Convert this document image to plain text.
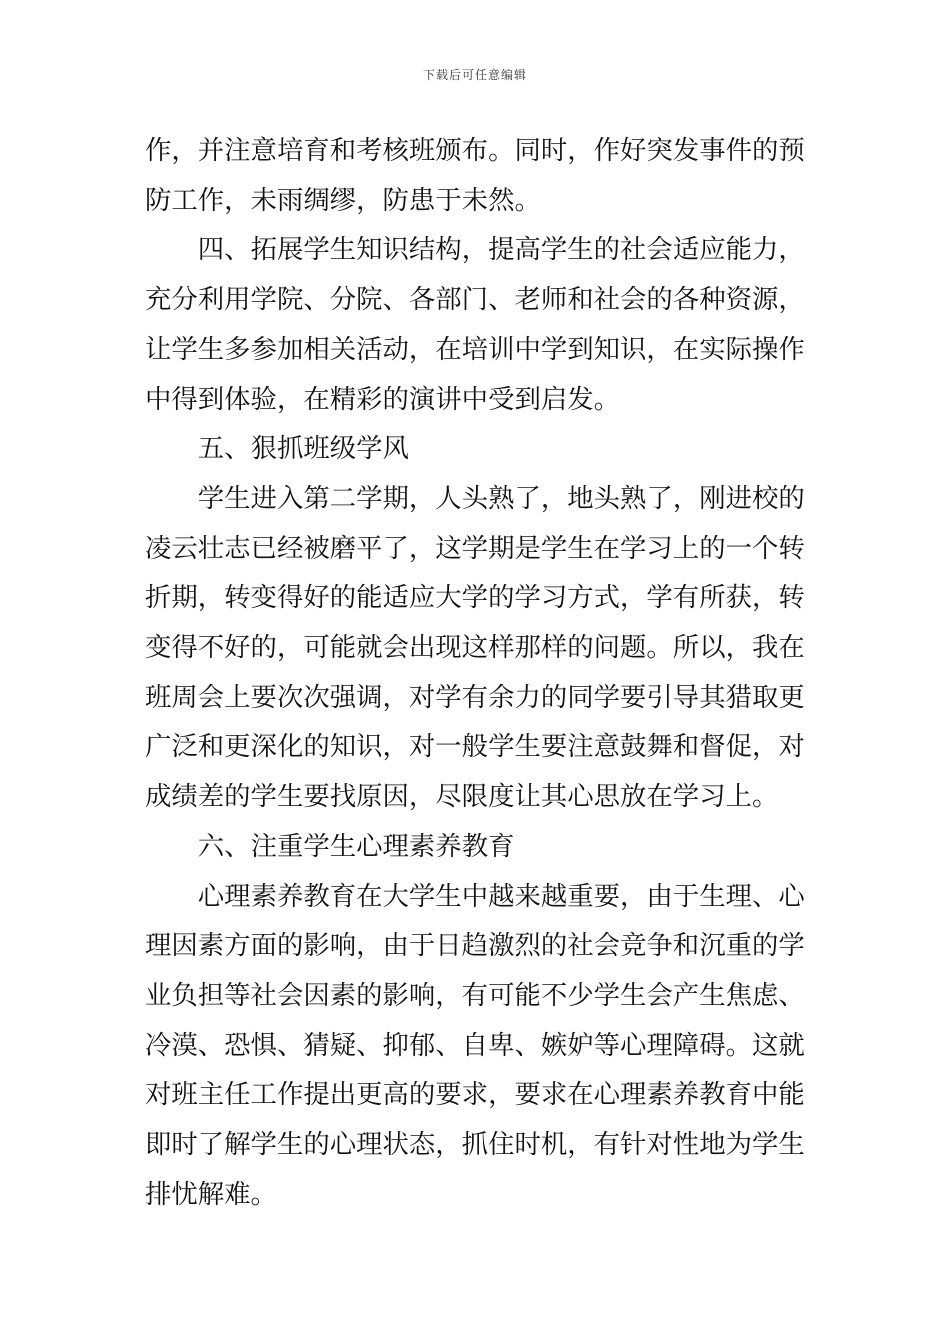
下载后可任意编辑

作，并注意培育和考核班颁布。同时，作好突发事件的预
防工作，未雨绸缪，防患于未然。

四、拓展学生知识结构，提高学生的社会适应能力，
充分利用学院、分院、各部门、老师和社会的各种资源，
让学生多参加相关活动，在培训中学到知识，在实际操作
中得到体验，在精彩的演讲中受到启发。

五、狠抓班级学风

学生进入第二学期，人头熟了，地头熟了，刚进校的
凌云壮志已经被磨平了，这学期是学生在学习上的一个转
折期，转变得好的能适应大学的学习方式，学有所获，转
变得不好的，可能就会出现这样那样的问题。所以，我在
班周会上要次次强调，对学有余力的同学要引导其猎取更
广泛和更深化的知识，对一般学生要注意鼓舞和督促，对
成绩差的学生要找原因，尽限度让其心思放在学习上。

六、注重学生心理素养教育

心理素养教育在大学生中越来越重要，由于生理、心
理因素方面的影响，由于日趋激烈的社会竞争和沉重的学
业负担等社会因素的影响，有可能不少学生会产生焦虑、
冷漠、恐惧、猜疑、抑郁、自卑、嫉妒等心理障碍。这就
对班主任工作提出更高的要求，要求在心理素养教育中能
即时了解学生的心理状态，抓住时机，有针对性地为学生
排忧解难。
